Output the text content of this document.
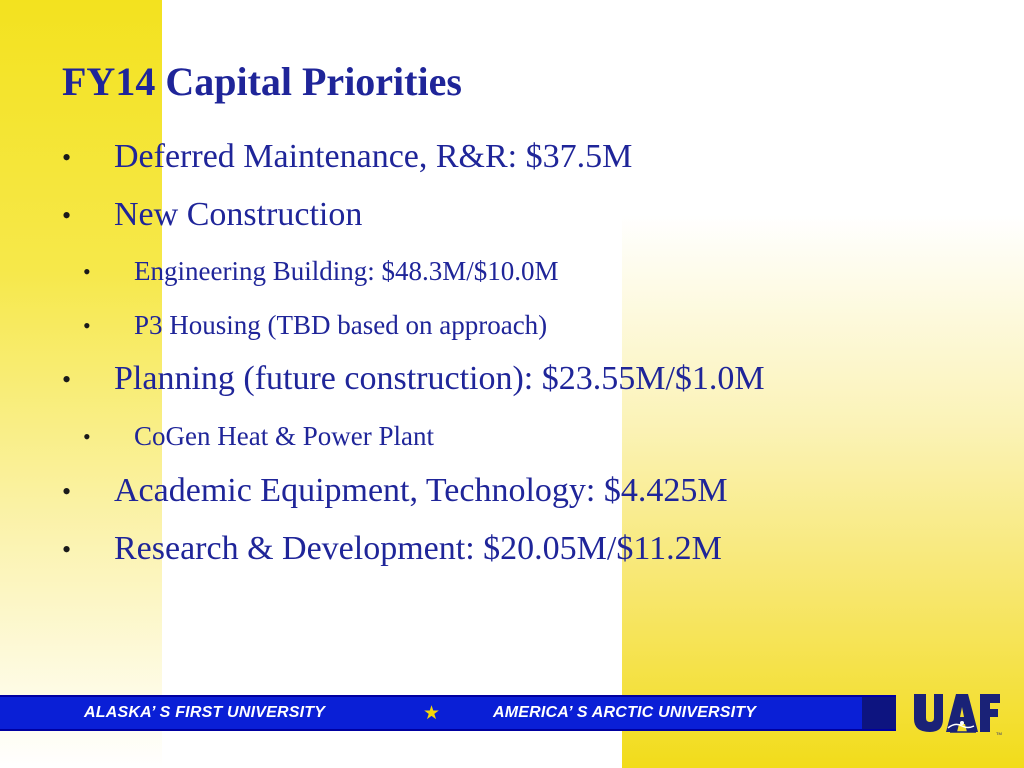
FY14 Capital Priorities
• Deferred Maintenance, R&R: $37.5M
• New Construction
• Engineering Building: $48.3M/$10.0M
• P3 Housing (TBD based on approach)
• Planning (future construction): $23.55M/$1.0M
• CoGen Heat & Power Plant
• Academic Equipment, Technology: $4.425M
• Research & Development: $20.05M/$11.2M
ALASKA’ S FIRST UNIVERSITY	★	AMERICA’ S ARCTIC UNIVERSITY
TM
